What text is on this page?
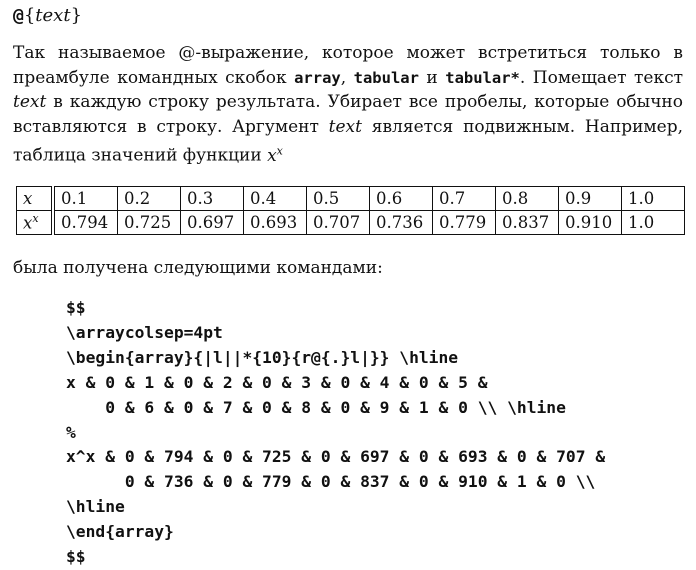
@{text}
Так называемое @-выражение, которое может встретиться только в преамбуле командных скобок array, tabular и tabular*. Помещает текст text в каждую строку результата. Убирает все пробелы, которые обычно вставляются в строку. Аргумент text является подвижным. Например, таблица значений функции $x^x$
x	0.1	0.2	0.3	0.4	0.5	0.6	0.7	0.8	0.9	1.0
$x^x$	0.794	0.725	0.697	0.693	0.707	0.736	0.779	0.837	0.910	1.0
была получена следующими командами:
$$
\arraycolsep=4pt
\begin{array}{|l||*{10}{r@{.}l|}} \hline
x & 0 & 1 & 0 & 2 & 0 & 3 & 0 & 4 & 0 & 5 &
0 & 6 & 0 & 7 & 0 & 8 & 0 & 9 & 1 & 0 \\ \hline
%
x^x & 0 & 794 & 0 & 725 & 0 & 697 & 0 & 693 & 0 & 707 &
0 & 736 & 0 & 779 & 0 & 837 & 0 & 910 & 1 & 0 \\
\hline
\end{array}
$$
